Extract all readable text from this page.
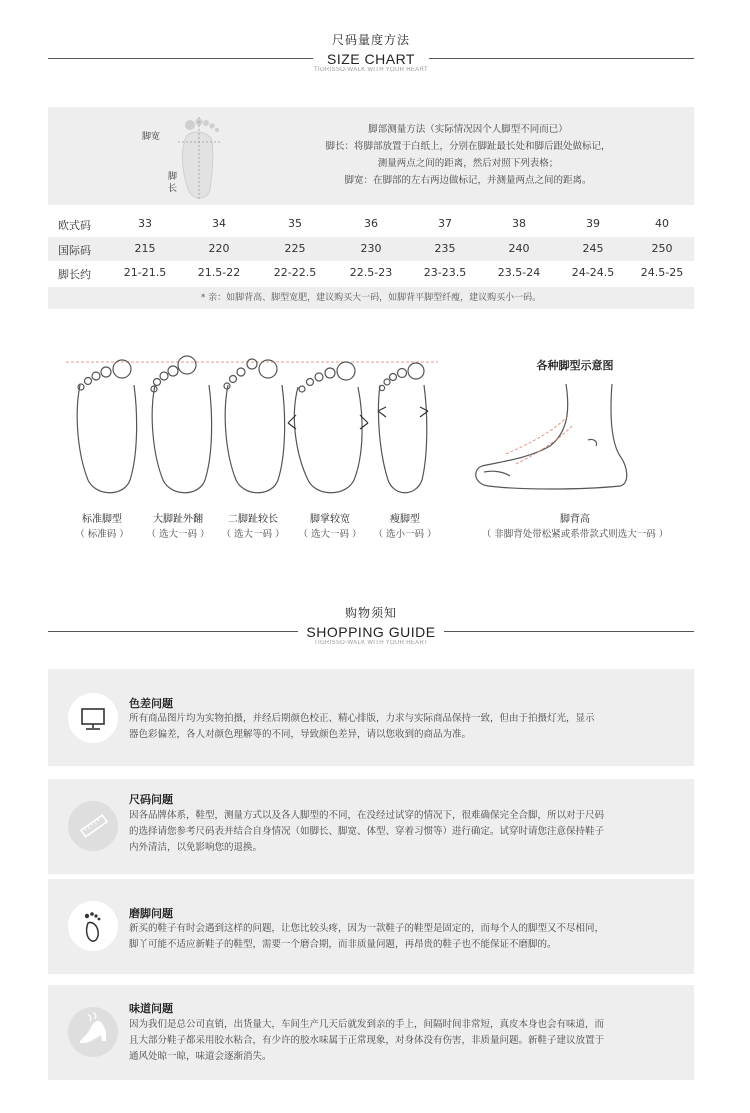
尺码量度方法
SIZE CHART
TIGRISSO-WALK WITH YOUR HEART
脚宽
脚长
脚部测量方法（实际情况因个人脚型不同而已）
脚长：将脚部放置于白纸上，分别在脚趾最长处和脚后跟处做标记，
测量两点之间的距离，然后对照下列表格；
脚宽：在脚部的左右两边做标记，并测量两点之间的距离。
欧式码	33	34	35	36	37	38	39	40
国际码	215	220	225	230	235	240	245	250
脚长约	21-21.5	21.5-22	22-22.5	22.5-23	23-23.5	23.5-24	24-24.5	24.5-25
* 亲：如脚背高、脚型宽肥，建议购买大一码，如脚背平脚型纤瘦，建议购买小一码。
标准脚型	大脚趾外翻	二脚趾较长	脚掌较宽	瘦脚型
（ 标准码 ）	（ 选大一码 ）	（ 选大一码 ）	（ 选大一码 ）	（ 选小一码 ）
各种脚型示意图
脚背高
（ 非脚背处带松紧或系带款式则选大一码 ）
购物须知
SHOPPING GUIDE
TIGRISSO-WALK WITH YOUR HEART
色差问题
所有商品图片均为实物拍摄，并经后期颜色校正、精心排版，力求与实际商品保持一致，但由于拍摄灯光，显示
器色彩偏差，各人对颜色理解等的不同，导致颜色差异，请以您收到的商品为准。
尺码问题
因各品牌体系，鞋型，测量方式以及各人脚型的不同，在没经过试穿的情况下，很难确保完全合脚，所以对于尺码
的选择请您参考尺码表并结合自身情况（如脚长、脚宽、体型、穿着习惯等）进行确定。试穿时请您注意保持鞋子
内外清洁，以免影响您的退换。
磨脚问题
新买的鞋子有时会遇到这样的问题，让您比较头疼，因为一款鞋子的鞋型是固定的，而每个人的脚型又不尽相同，
脚丫可能不适应新鞋子的鞋型，需要一个磨合期，而非质量问题，再昂贵的鞋子也不能保证不磨脚的。
味道问题
因为我们是总公司直销，出货量大，车间生产几天后就发到亲的手上，间隔时间非常短，真皮本身也会有味道，而
且大部分鞋子都采用胶水粘合，有少许的胶水味属于正常现象，对身体没有伤害，非质量问题。新鞋子建议放置于
通风处晾一晾，味道会逐渐消失。
